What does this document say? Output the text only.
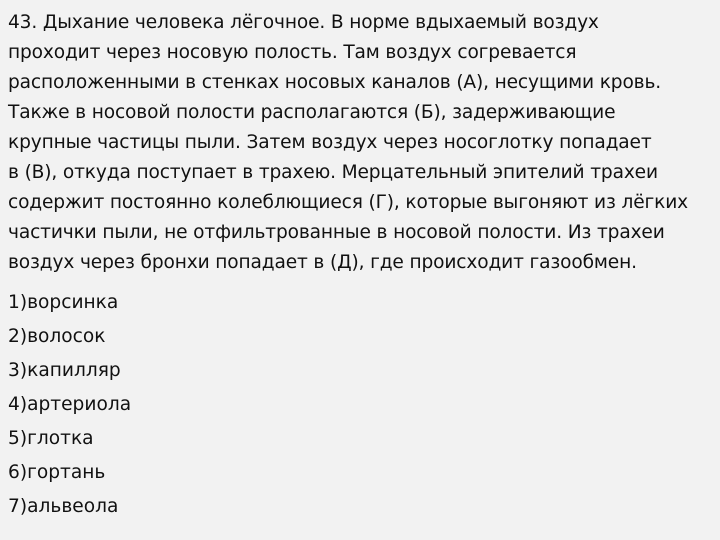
43. Дыхание человека лёгочное. В норме вдыхаемый воздух
проходит через носовую полость. Там воздух согревается
расположенными в стенках носовых каналов (А), несущими кровь.
Также в носовой полости располагаются (Б), задерживающие
крупные частицы пыли. Затем воздух через носоглотку попадает
в (В), откуда поступает в трахею. Мерцательный эпителий трахеи
содержит постоянно колеблющиеся (Г), которые выгоняют из лёгких
частички пыли, не отфильтрованные в носовой полости. Из трахеи
воздух через бронхи попадает в (Д), где происходит газообмен.

1)ворсинка
2)волосок
3)капилляр
4)артериола
5)глотка
6)гортань
7)альвеола
